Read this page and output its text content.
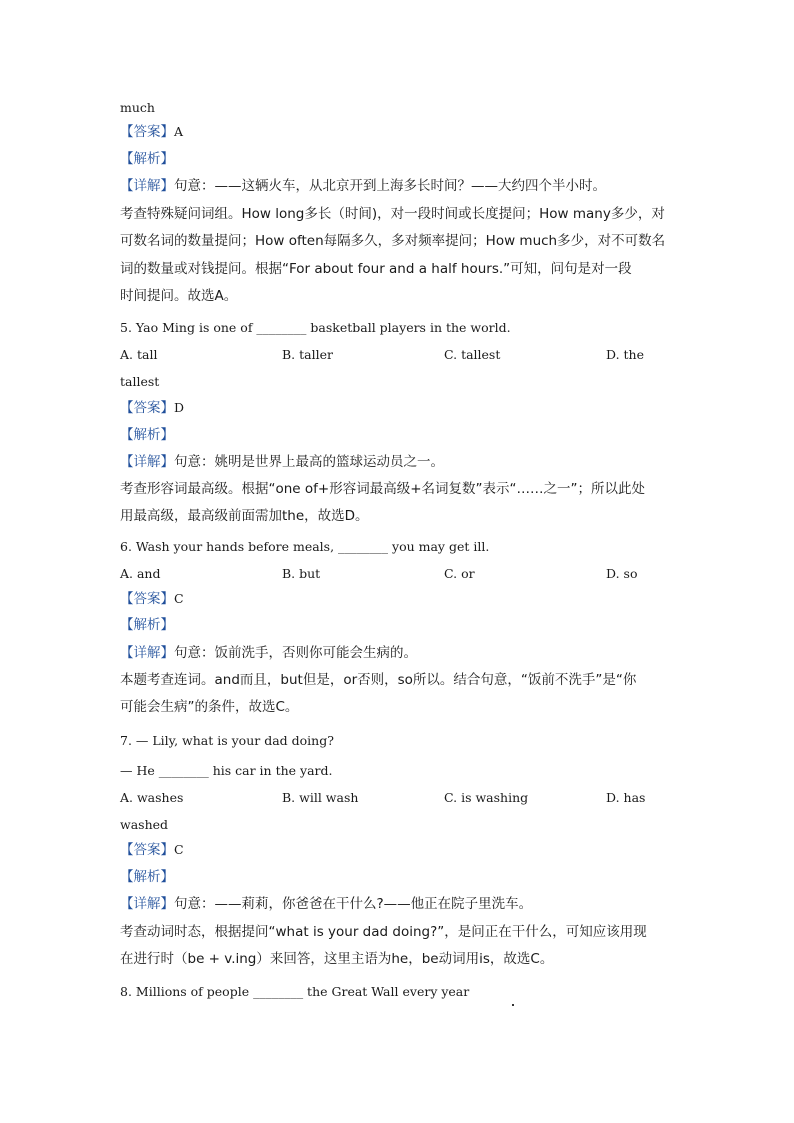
much
【答案】A
【解析】
【详解】句意：——这辆火车，从北京开到上海多长时间？——大约四个半小时。
考查特殊疑问词组。How long多长（时间)，对一段时间或长度提问；How many多少，对
可数名词的数量提问；How often每隔多久，多对频率提问；How much多少，对不可数名
词的数量或对钱提问。根据“For about four and a half hours.”可知，问句是对一段
时间提问。故选A。
5. Yao Ming is one of ________ basketball players in the world.
A. tall	B. taller	C. tallest	D. the
tallest
【答案】D
【解析】
【详解】句意：姚明是世界上最高的篮球运动员之一。
考查形容词最高级。根据“one of+形容词最高级+名词复数”表示“……之一”；所以此处
用最高级，最高级前面需加the，故选D。
6. Wash your hands before meals, ________ you may get ill.
A. and	B. but	C. or	D. so
【答案】C
【解析】
【详解】句意：饭前洗手，否则你可能会生病的。
本题考查连词。and而且，but但是，or否则，so所以。结合句意，“饭前不洗手”是“你
可能会生病”的条件，故选C。
7. — Lily, what is your dad doing?
— He ________ his car in the yard.
A. washes	B. will wash	C. is washing	D. has
washed
【答案】C
【解析】
【详解】句意：——莉莉，你爸爸在干什么?——他正在院子里洗车。
考查动词时态，根据提问“what is your dad doing?”，是问正在干什么，可知应该用现
在进行时（be + v.ing）来回答，这里主语为he，be动词用is，故选C。
8. Millions of people ________ the Great Wall every year
